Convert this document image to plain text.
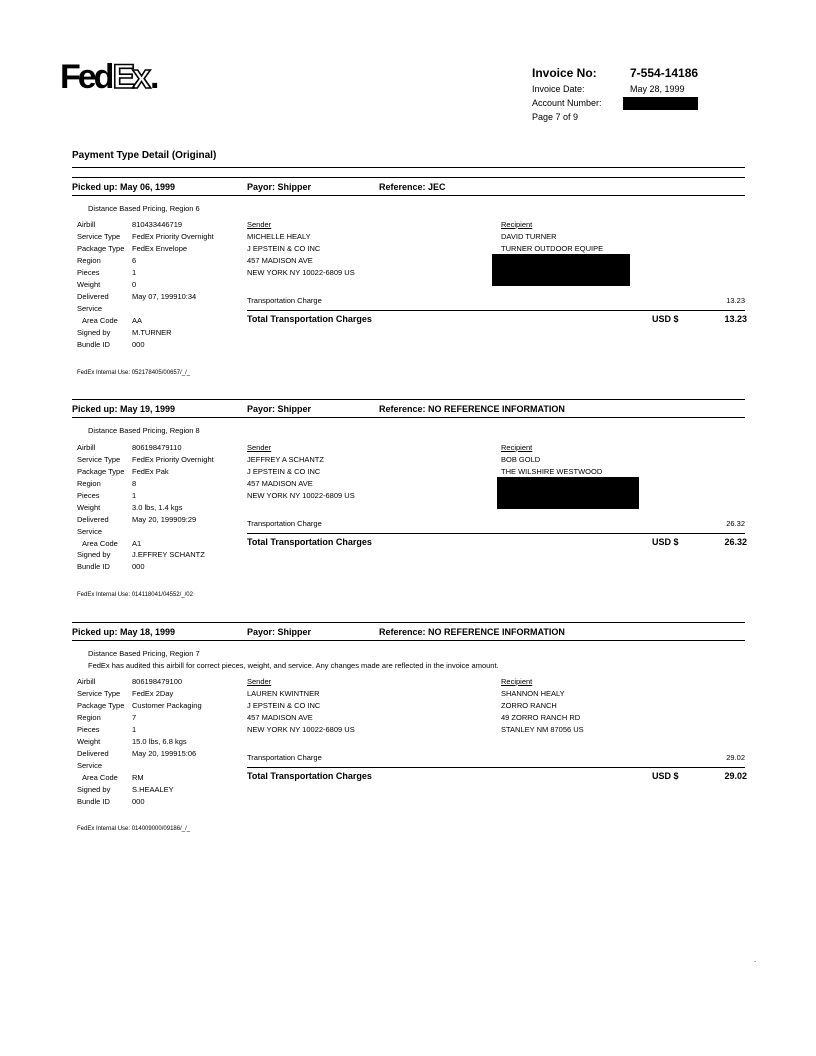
Fed Ex .	Invoice No:	7-554-14186
Invoice Date:	May 28, 1999
Account Number:
Page 7 of 9
Payment Type Detail (Original)
Picked up: May 06, 1999	Payor: Shipper	Reference: JEC
Distance Based Pricing, Region 6
Airbill	810433446719
Service Type FedEx Priority Overnight
Package Type FedEx Envelope
Region	6
Pieces	1
Weight	0
Delivered	May 07, 199910:34
Service
Area Code AA
Signed by	M.TURNER
Bundle ID	000
Sender
MICHELLE HEALY
J EPSTEIN & CO INC
457 MADISON AVE
NEW YORK NY 10022-6809 US
Recipient
DAVID TURNER
TURNER OUTDOOR EQUIPE
Transportation Charge	13.23
Total Transportation Charges	USD $	13.23
FedEx Internal Use: 052178405/00657/_/_
Picked up: May 19, 1999	Payor: Shipper	Reference: NO REFERENCE INFORMATION
Distance Based Pricing, Region 8
Airbill	806198479110
Service Type FedEx Priority Overnight
Package Type FedEx Pak
Region	8
Pieces	1
Weight	3.0 lbs, 1.4 kgs
Delivered	May 20, 199909:29
Service
Area Code A1
Signed by	J.EFFREY SCHANTZ
Bundle ID	000
Sender
JEFFREY A SCHANTZ
J EPSTEIN & CO INC
457 MADISON AVE
NEW YORK NY 10022-6809 US
Recipient
BOB GOLD
THE WILSHIRE WESTWOOD
Transportation Charge	26.32
Total Transportation Charges	USD $	26.32
FedEx Internal Use: 014118041/04552/_/02
Picked up: May 18, 1999	Payor: Shipper	Reference: NO REFERENCE INFORMATION
Distance Based Pricing, Region 7
FedEx has audited this airbill for correct pieces, weight, and service. Any changes made are reflected in the invoice amount.
Airbill	806198479100
Service Type FedEx 2Day
Package Type Customer Packaging
Region	7
Pieces	1
Weight	15.0 lbs, 6.8 kgs
Delivered	May 20, 199915:06
Service
Area Code RM
Signed by	S.HEAALEY
Bundle ID	000
Sender
LAUREN KWINTNER
J EPSTEIN & CO INC
457 MADISON AVE
NEW YORK NY 10022-6809 US
Recipient
SHANNON HEALY
ZORRO RANCH
49 ZORRO RANCH RD
STANLEY NM 87056 US
Transportation Charge	29.02
Total Transportation Charges	USD $	29.02
FedEx Internal Use: 014009000/09186/_/_
.
